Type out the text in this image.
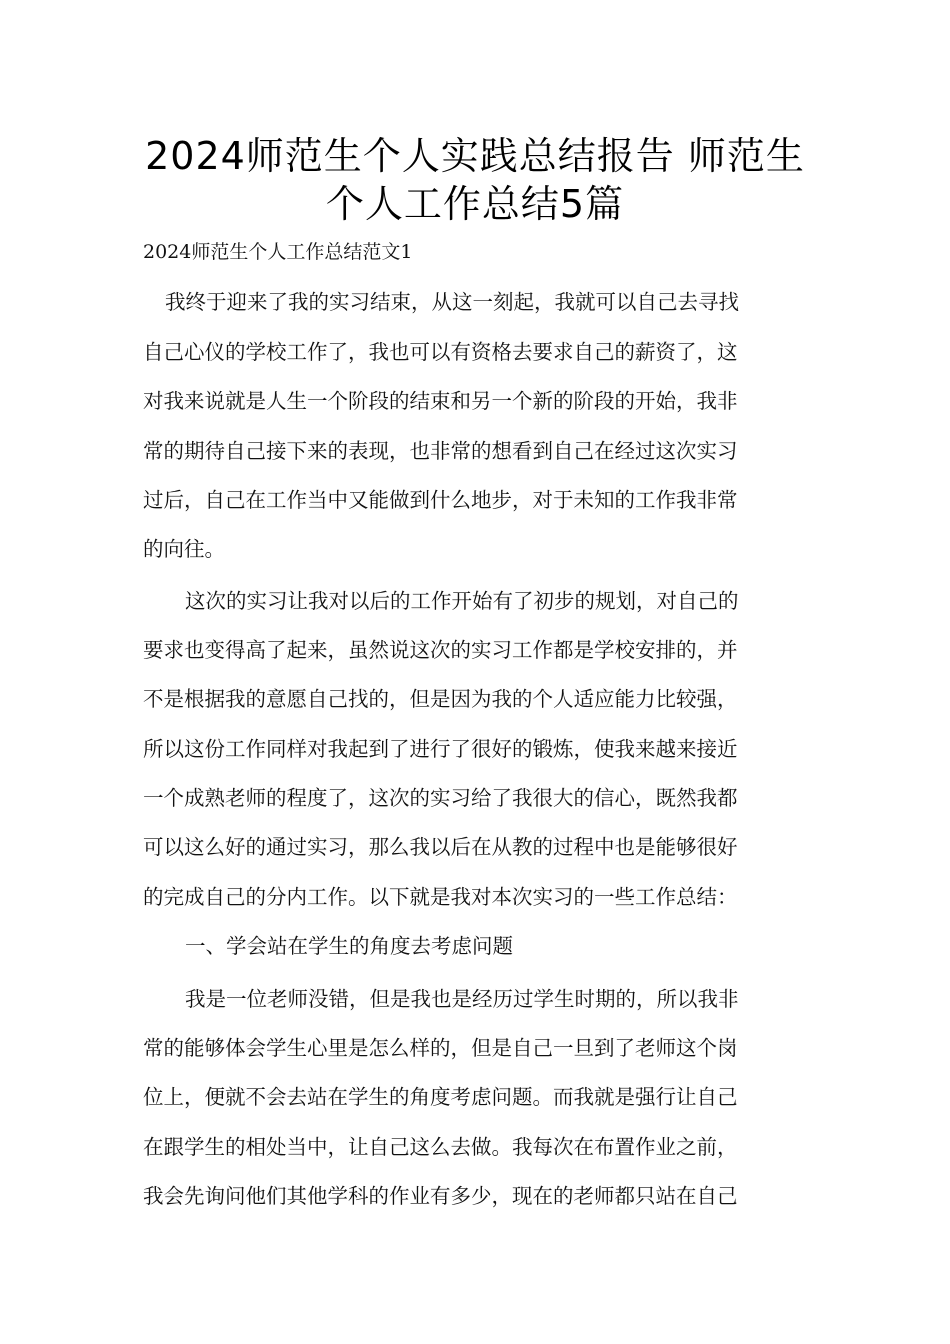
2024师范生个人实践总结报告 师范生
个人工作总结5篇

2024师范生个人工作总结范文1

我终于迎来了我的实习结束，从这一刻起，我就可以自己去寻找

自己心仪的学校工作了，我也可以有资格去要求自己的薪资了，这

对我来说就是人生一个阶段的结束和另一个新的阶段的开始，我非

常的期待自己接下来的表现，也非常的想看到自己在经过这次实习

过后，自己在工作当中又能做到什么地步，对于未知的工作我非常

的向往。

这次的实习让我对以后的工作开始有了初步的规划，对自己的

要求也变得高了起来，虽然说这次的实习工作都是学校安排的，并

不是根据我的意愿自己找的，但是因为我的个人适应能力比较强，

所以这份工作同样对我起到了进行了很好的锻炼，使我来越来接近

一个成熟老师的程度了，这次的实习给了我很大的信心，既然我都

可以这么好的通过实习，那么我以后在从教的过程中也是能够很好

的完成自己的分内工作。以下就是我对本次实习的一些工作总结：

一、学会站在学生的角度去考虑问题

我是一位老师没错，但是我也是经历过学生时期的，所以我非

常的能够体会学生心里是怎么样的，但是自己一旦到了老师这个岗

位上，便就不会去站在学生的角度考虑问题。而我就是强行让自己

在跟学生的相处当中，让自己这么去做。我每次在布置作业之前，

我会先询问他们其他学科的作业有多少，现在的老师都只站在自己
